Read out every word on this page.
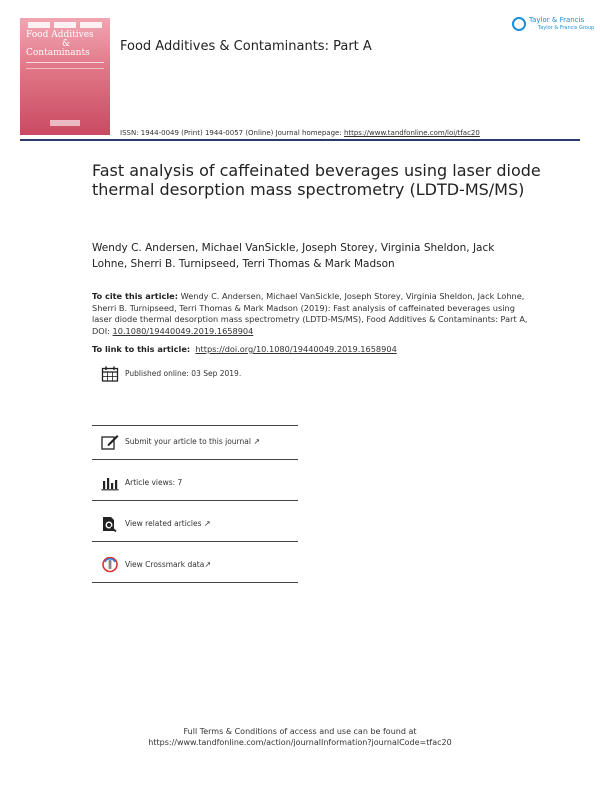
Food Additives
&
Contaminants	Food Additives & Contaminants: Part A
Taylor & Francis
Taylor & Francis Group
ISSN: 1944-0049 (Print) 1944-0057 (Online) Journal homepage: https://www.tandfonline.com/loi/tfac20
Fast analysis of caffeinated beverages using laser diode thermal desorption mass spectrometry (LDTD-MS/MS)
Wendy C. Andersen, Michael VanSickle, Joseph Storey, Virginia Sheldon, Jack Lohne, Sherri B. Turnipseed, Terri Thomas & Mark Madson
To cite this article: Wendy C. Andersen, Michael VanSickle, Joseph Storey, Virginia Sheldon, Jack Lohne, Sherri B. Turnipseed, Terri Thomas & Mark Madson (2019): Fast analysis of caffeinated beverages using laser diode thermal desorption mass spectrometry (LDTD-MS/MS), Food Additives & Contaminants: Part A, DOI: 10.1080/19440049.2019.1658904
To link to this article: https://doi.org/10.1080/19440049.2019.1658904
Published online: 03 Sep 2019.
Submit your article to this journal ↗
Article views: 7
View related articles ↗
View Crossmark data↗
Full Terms & Conditions of access and use can be found at
https://www.tandfonline.com/action/journalInformation?journalCode=tfac20
